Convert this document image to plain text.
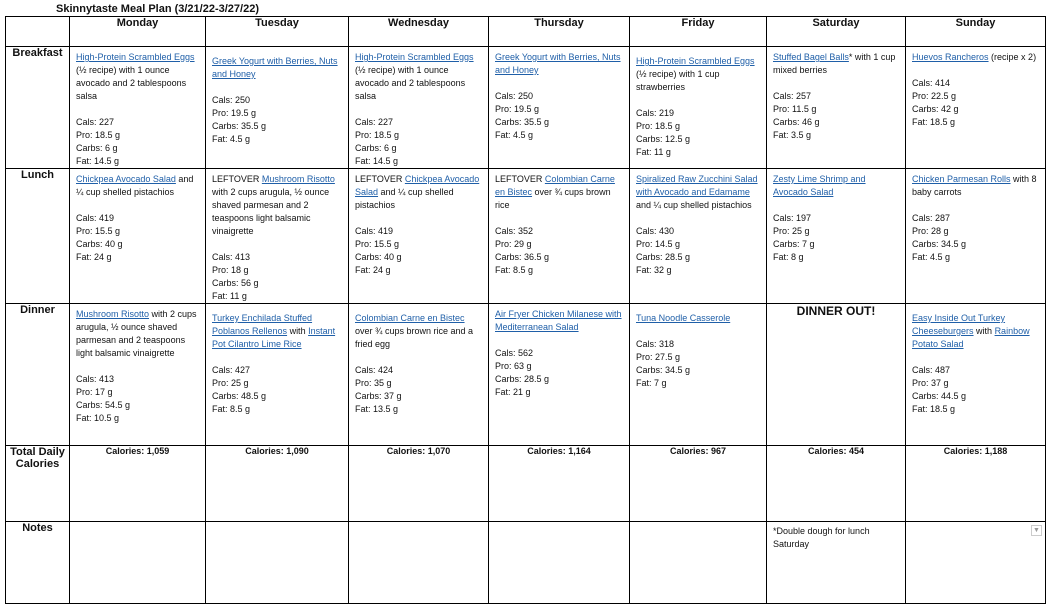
Skinnytaste Meal Plan (3/21/22-3/27/22)
	Monday	Tuesday	Wednesday	Thursday	Friday	Saturday	Sunday
Breakfast	High-Protein Scrambled Eggs (½ recipe) with 1 ounce avocado and 2 tablespoons salsa
Cals: 227
Pro: 18.5 g
Carbs: 6 g
Fat: 14.5 g	Greek Yogurt with Berries, Nuts and Honey
Cals: 250
Pro: 19.5 g
Carbs: 35.5 g
Fat: 4.5 g	High-Protein Scrambled Eggs (½ recipe) with 1 ounce avocado and 2 tablespoons salsa
Cals: 227
Pro: 18.5 g
Carbs: 6 g
Fat: 14.5 g	Greek Yogurt with Berries, Nuts and Honey
Cals: 250
Pro: 19.5 g
Carbs: 35.5 g
Fat: 4.5 g	High-Protein Scrambled Eggs (½ recipe) with 1 cup strawberries
Cals: 219
Pro: 18.5 g
Carbs: 12.5 g
Fat: 11 g	Stuffed Bagel Balls* with 1 cup mixed berries
Cals: 257
Pro: 11.5 g
Carbs: 46 g
Fat: 3.5 g	Huevos Rancheros (recipe x 2)
Cals: 414
Pro: 22.5 g
Carbs: 42 g
Fat: 18.5 g

Lunch	Chickpea Avocado Salad and ¼ cup shelled pistachios
Cals: 419
Pro: 15.5 g
Carbs: 40 g
Fat: 24 g	LEFTOVER Mushroom Risotto with 2 cups arugula, ½ ounce shaved parmesan and 2 teaspoons light balsamic vinaigrette
Cals: 413
Pro: 18 g
Carbs: 56 g
Fat: 11 g	LEFTOVER Chickpea Avocado Salad and ¼ cup shelled pistachios
Cals: 419
Pro: 15.5 g
Carbs: 40 g
Fat: 24 g	LEFTOVER Colombian Carne en Bistec over ¾ cups brown rice
Cals: 352
Pro: 29 g
Carbs: 36.5 g
Fat: 8.5 g	Spiralized Raw Zucchini Salad with Avocado and Edamame and ¼ cup shelled pistachios
Cals: 430
Pro: 14.5 g
Carbs: 28.5 g
Fat: 32 g	Zesty Lime Shrimp and Avocado Salad
Cals: 197
Pro: 25 g
Carbs: 7 g
Fat: 8 g	Chicken Parmesan Rolls with 8 baby carrots
Cals: 287
Pro: 28 g
Carbs: 34.5 g
Fat: 4.5 g

Dinner	Mushroom Risotto with 2 cups arugula, ½ ounce shaved parmesan and 2 teaspoons light balsamic vinaigrette
Cals: 413
Pro: 17 g
Carbs: 54.5 g
Fat: 10.5 g	Turkey Enchilada Stuffed Poblanos Rellenos with Instant Pot Cilantro Lime Rice
Cals: 427
Pro: 25 g
Carbs: 48.5 g
Fat: 8.5 g	Colombian Carne en Bistec over ¾ cups brown rice and a fried egg
Cals: 424
Pro: 35 g
Carbs: 37 g
Fat: 13.5 g	Air Fryer Chicken Milanese with Mediterranean Salad
Cals: 562
Pro: 63 g
Carbs: 28.5 g
Fat: 21 g	Tuna Noodle Casserole
Cals: 318
Pro: 27.5 g
Carbs: 34.5 g
Fat: 7 g	DINNER OUT!	Easy Inside Out Turkey Cheeseburgers with Rainbow Potato Salad
Cals: 487
Pro: 37 g
Carbs: 44.5 g
Fat: 18.5 g

Total Daily Calories	Calories: 1,059	Calories: 1,090	Calories: 1,070	Calories: 1,164	Calories: 967	Calories: 454	Calories: 1,188
Notes						*Double dough for lunch Saturday	▼
